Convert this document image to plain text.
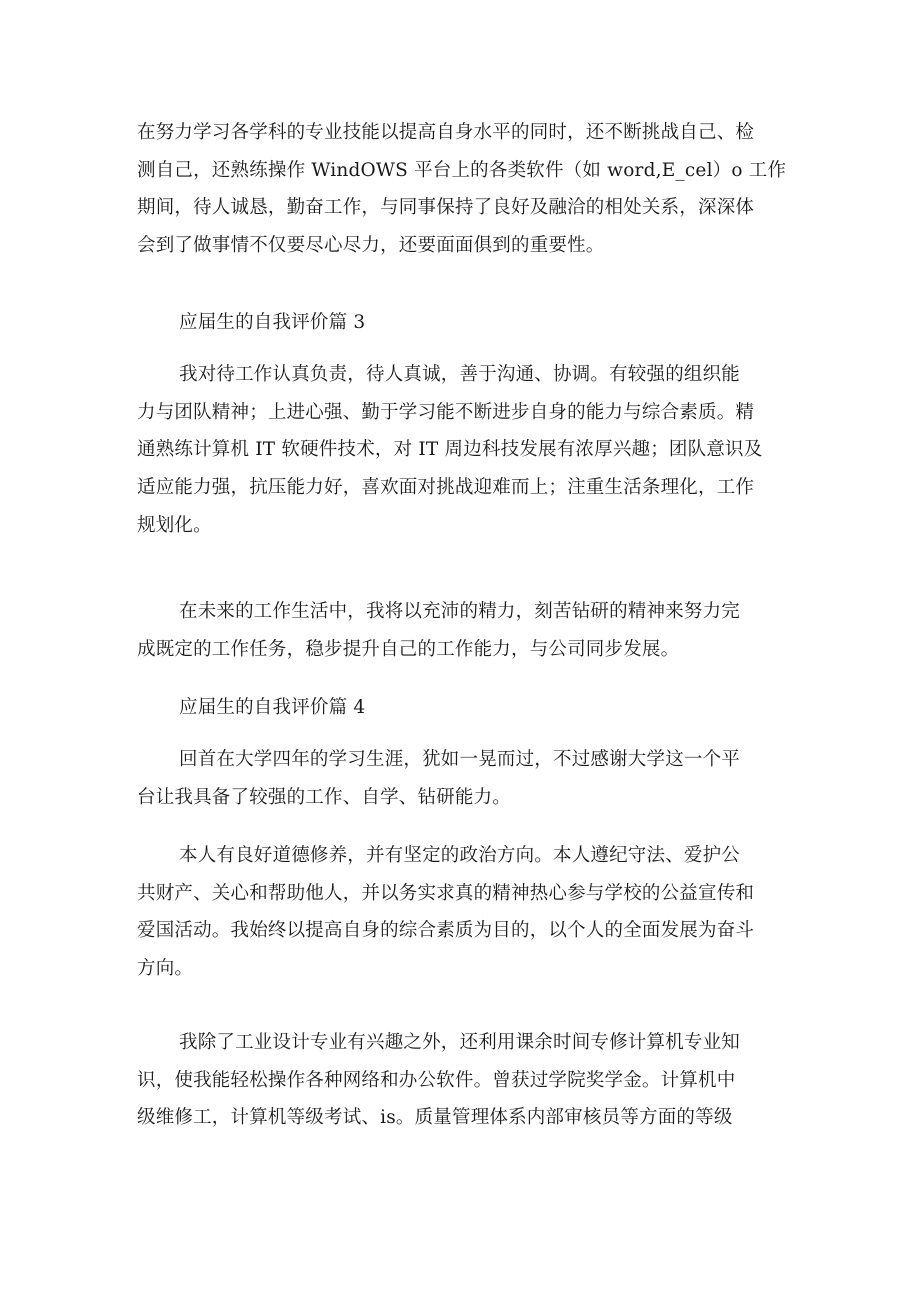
在努力学习各学科的专业技能以提高自身水平的同时，还不断挑战自己、检
测自己，还熟练操作 WindOWS 平台上的各类软件（如 word,E_cel）o 工作
期间，待人诚恳，勤奋工作，与同事保持了良好及融洽的相处关系，深深体
会到了做事情不仅要尽心尽力，还要面面俱到的重要性。

应届生的自我评价篇 3

我对待工作认真负责，待人真诚，善于沟通、协调。有较强的组织能
力与团队精神；上进心强、勤于学习能不断进步自身的能力与综合素质。精
通熟练计算机 IT 软硬件技术，对 IT 周边科技发展有浓厚兴趣；团队意识及
适应能力强，抗压能力好，喜欢面对挑战迎难而上；注重生活条理化，工作
规划化。

在未来的工作生活中，我将以充沛的精力，刻苦钻研的精神来努力完
成既定的工作任务，稳步提升自己的工作能力，与公司同步发展。

应届生的自我评价篇 4

回首在大学四年的学习生涯，犹如一晃而过，不过感谢大学这一个平
台让我具备了较强的工作、自学、钻研能力。

本人有良好道德修养，并有坚定的政治方向。本人遵纪守法、爱护公
共财产、关心和帮助他人，并以务实求真的精神热心参与学校的公益宣传和
爱国活动。我始终以提高自身的综合素质为目的，以个人的全面发展为奋斗
方向。

我除了工业设计专业有兴趣之外，还利用课余时间专修计算机专业知
识，使我能轻松操作各种网络和办公软件。曾获过学院奖学金。计算机中
级维修工，计算机等级考试、is。质量管理体系内部审核员等方面的等级
